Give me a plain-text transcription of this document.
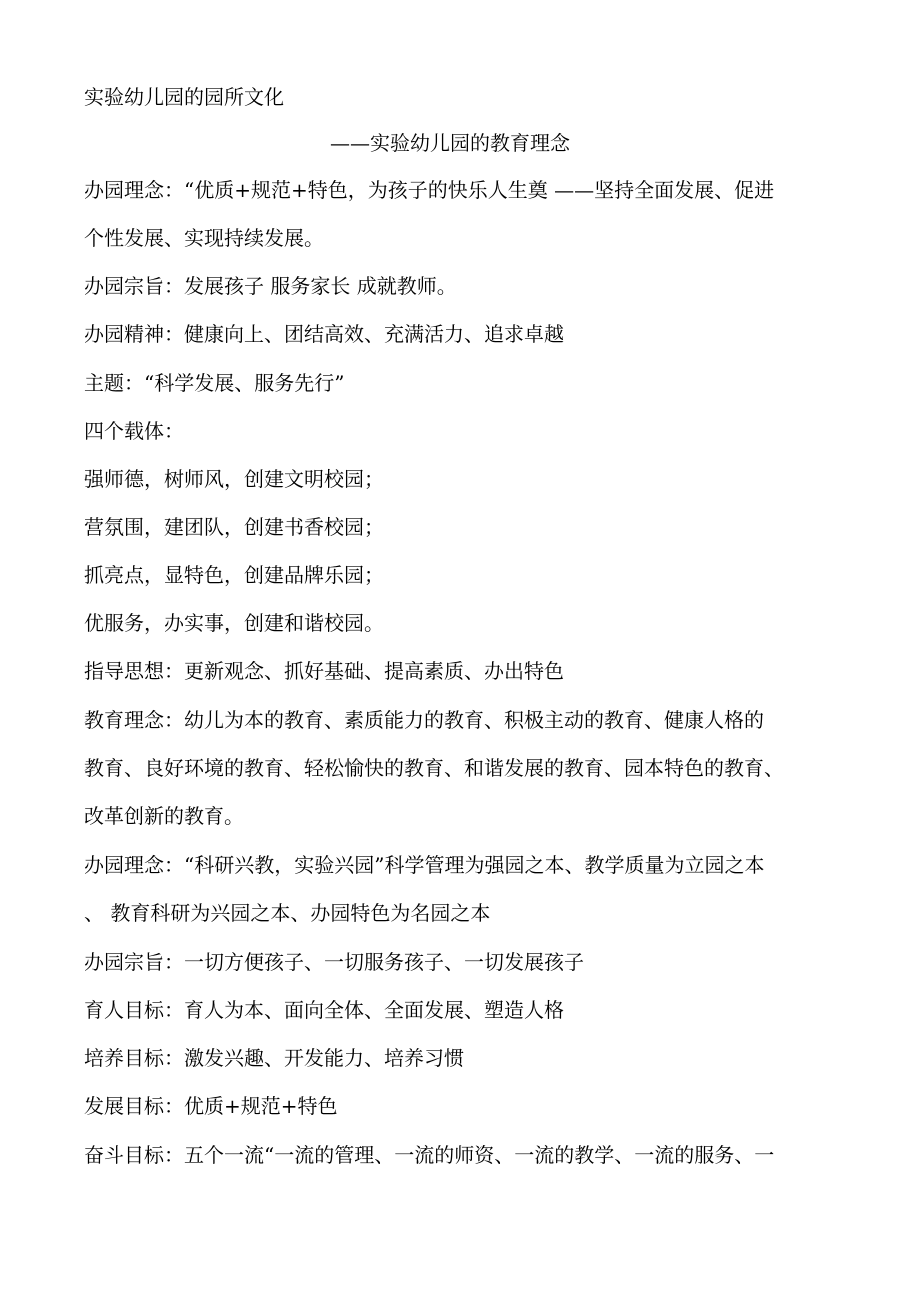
实验幼儿园的园所文化
——实验幼儿园的教育理念
办园理念：“优质+规范+特色，为孩子的快乐人生奠 ——坚持全面发展、促进
个性发展、实现持续发展。
办园宗旨：发展孩子 服务家长 成就教师。
办园精神：健康向上、团结高效、充满活力、追求卓越
主题：“科学发展、服务先行”
四个载体：
强师德，树师风，创建文明校园；
营氛围，建团队，创建书香校园；
抓亮点，显特色，创建品牌乐园；
优服务，办实事，创建和谐校园。
指导思想：更新观念、抓好基础、提高素质、办出特色
教育理念：幼儿为本的教育、素质能力的教育、积极主动的教育、健康人格的
教育、良好环境的教育、轻松愉快的教育、和谐发展的教育、园本特色的教育、
改革创新的教育。
办园理念：“科研兴教，实验兴园”科学管理为强园之本、教学质量为立园之本
、 教育科研为兴园之本、办园特色为名园之本
办园宗旨：一切方便孩子、一切服务孩子、一切发展孩子
育人目标：育人为本、面向全体、全面发展、塑造人格
培养目标：激发兴趣、开发能力、培养习惯
发展目标：优质+规范+特色
奋斗目标：五个一流“一流的管理、一流的师资、一流的教学、一流的服务、一
